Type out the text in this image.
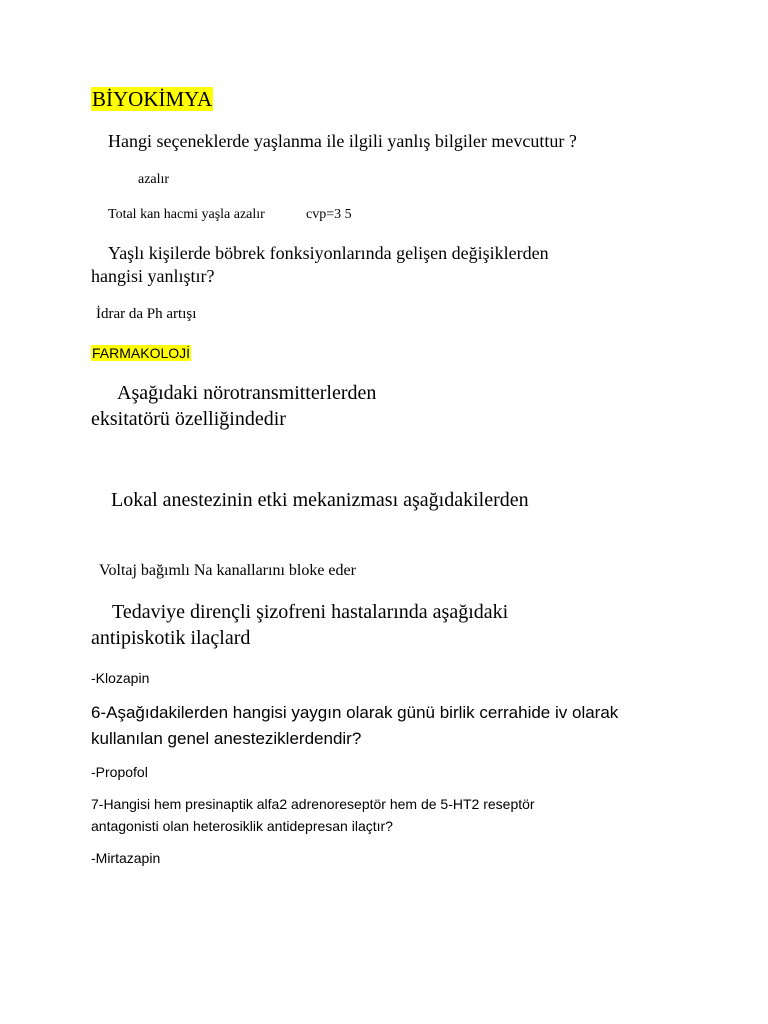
BİYOKİMYA
Hangi seçeneklerde yaşlanma ile ilgili yanlış bilgiler mevcuttur ?
azalır
Total kan hacmi yaşla azalır	cvp=3 5
Yaşlı kişilerde böbrek fonksiyonlarında gelişen değişiklerden
hangisi yanlıştır?
İdrar da Ph artışı
FARMAKOLOJİ
Aşağıdaki nörotransmitterlerden
eksitatörü özelliğindedir
Lokal anestezinin etki mekanizması aşağıdakilerden
Voltaj bağımlı Na kanallarını bloke eder
Tedaviye dirençli şizofreni hastalarında aşağıdaki
antipiskotik ilaçlard
-Klozapin
6-Aşağıdakilerden hangisi yaygın olarak günü birlik cerrahide iv olarak
kullanılan genel anesteziklerdendir?
-Propofol
7-Hangisi hem presinaptik alfa2 adrenoreseptör hem de 5-HT2 reseptör
antagonisti olan heterosiklik antidepresan ilaçtır?
-Mirtazapin
